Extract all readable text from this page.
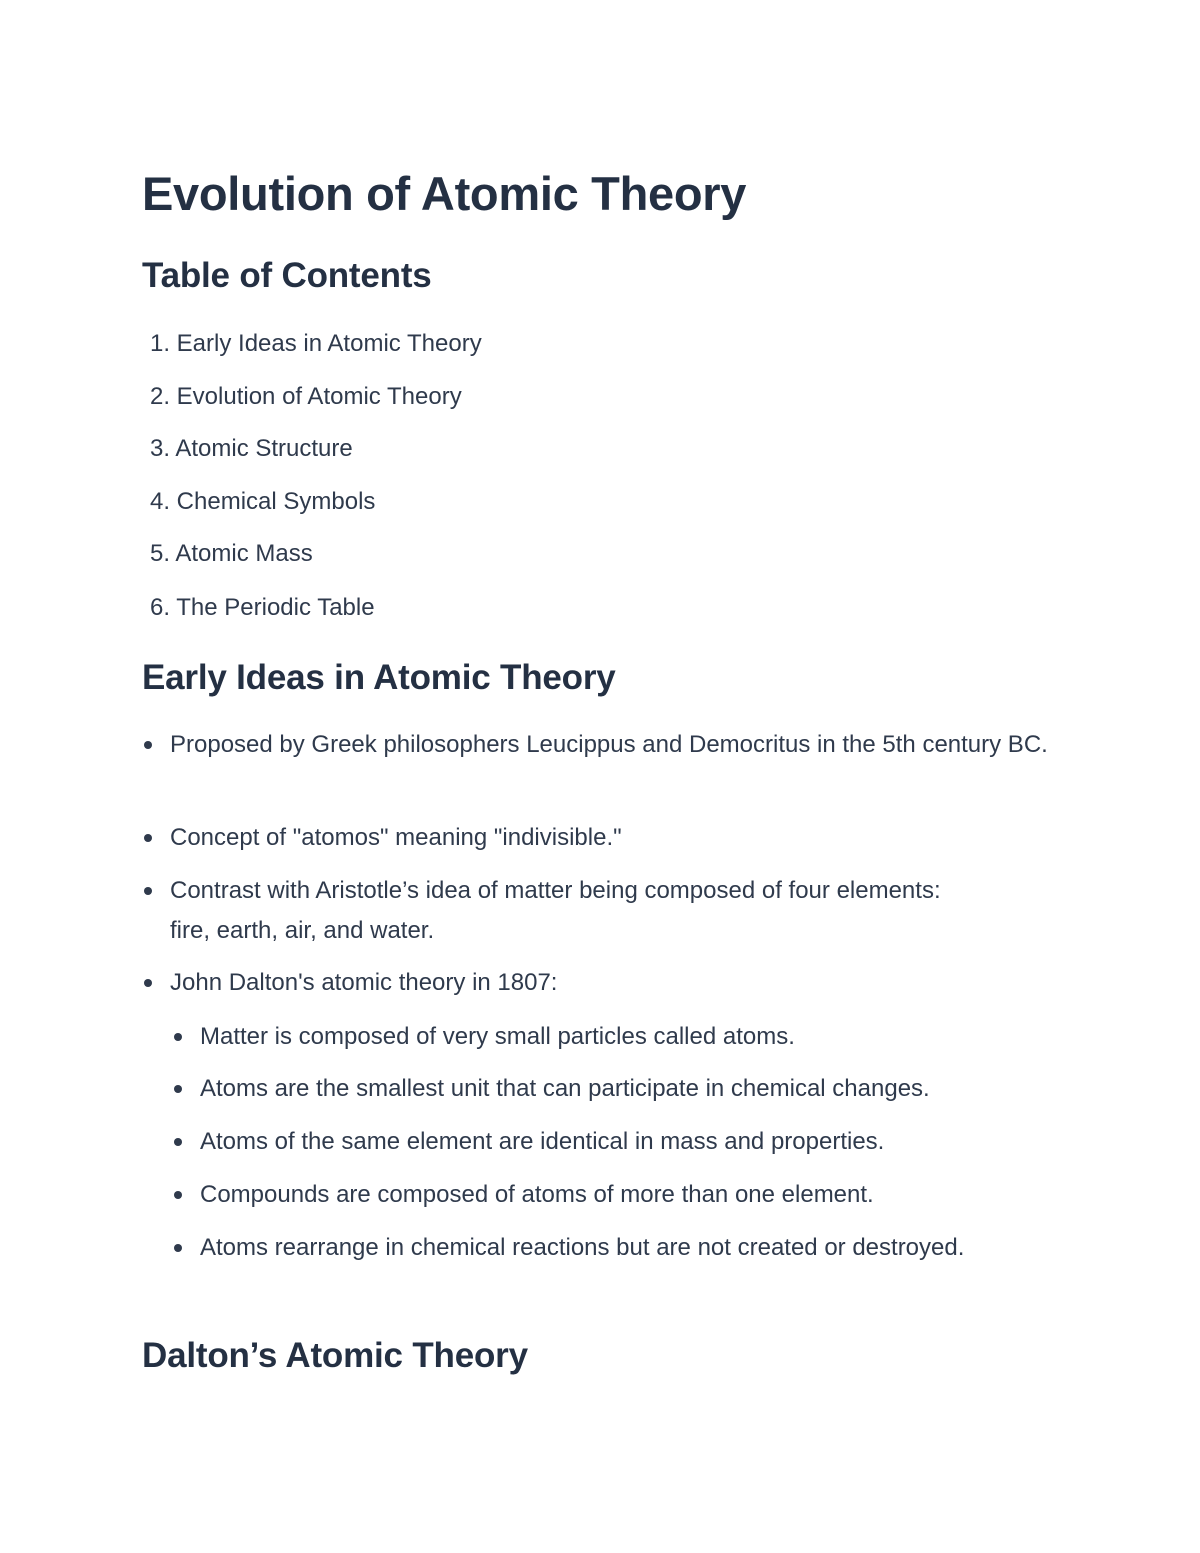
Evolution of Atomic Theory
Table of Contents
1. Early Ideas in Atomic Theory
2. Evolution of Atomic Theory
3. Atomic Structure
4. Chemical Symbols
5. Atomic Mass
6. The Periodic Table
Early Ideas in Atomic Theory
Proposed by Greek philosophers Leucippus and Democritus in the 5th century BC.
Concept of "atomos" meaning "indivisible."
Contrast with Aristotle’s idea of matter being composed of four elements: fire, earth, air, and water.
John Dalton's atomic theory in 1807:
Matter is composed of very small particles called atoms.
Atoms are the smallest unit that can participate in chemical changes.
Atoms of the same element are identical in mass and properties.
Compounds are composed of atoms of more than one element.
Atoms rearrange in chemical reactions but are not created or destroyed.
Dalton’s Atomic Theory
